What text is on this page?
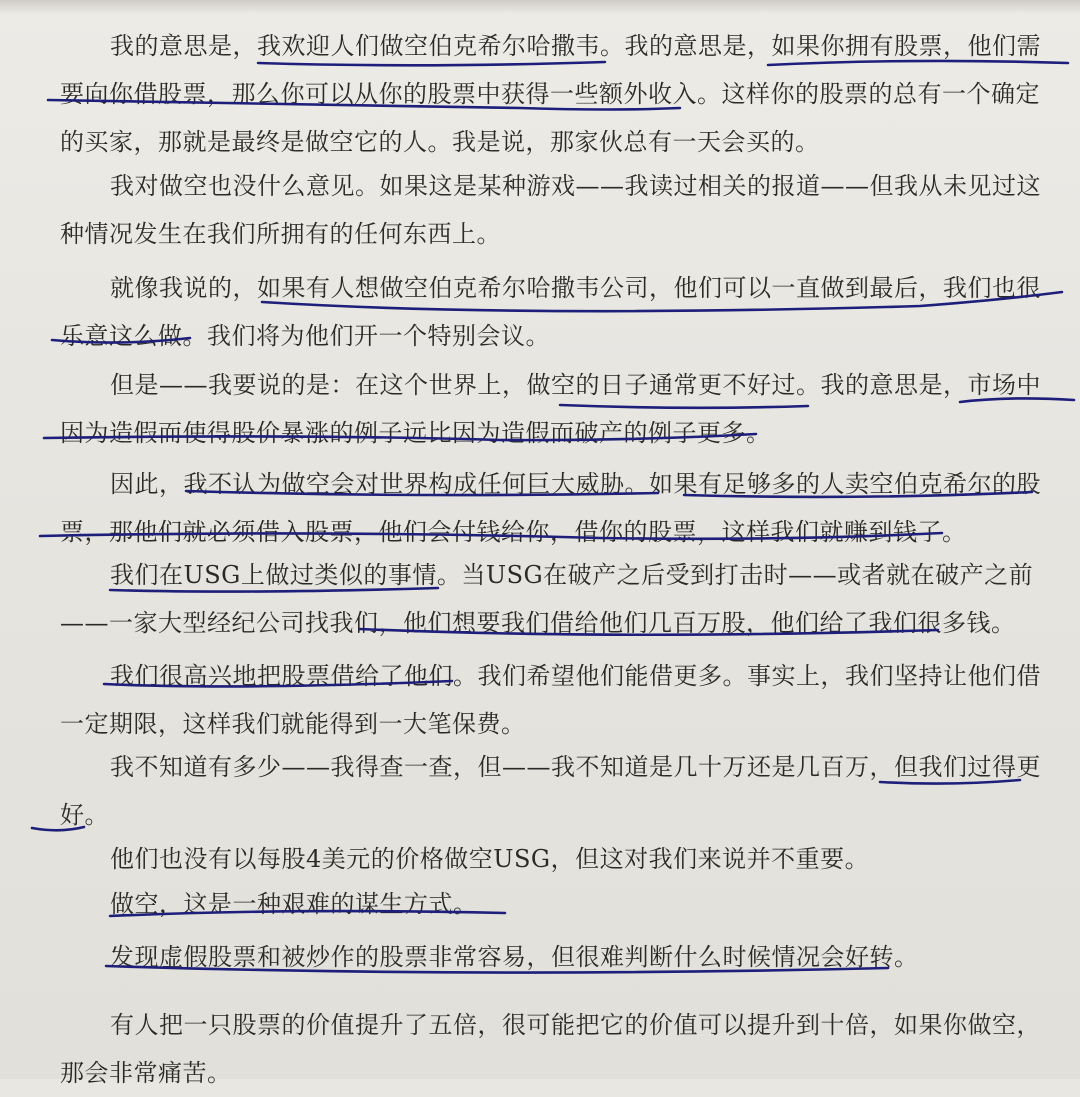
我的意思是，我欢迎人们做空伯克希尔哈撒韦。我的意思是，如果你拥有股票，他们需要向你借股票，那么你可以从你的股票中获得一些额外收入。这样你的股票的总有一个确定的买家，那就是最终是做空它的人。我是说，那家伙总有一天会买的。

我对做空也没什么意见。如果这是某种游戏——我读过相关的报道——但我从未见过这种情况发生在我们所拥有的任何东西上。

就像我说的，如果有人想做空伯克希尔哈撒韦公司，他们可以一直做到最后，我们也很乐意这么做。我们将为他们开一个特别会议。

但是——我要说的是：在这个世界上，做空的日子通常更不好过。我的意思是，市场中因为造假而使得股价暴涨的例子远比因为造假而破产的例子更多。

因此，我不认为做空会对世界构成任何巨大威胁。如果有足够多的人卖空伯克希尔的股票，那他们就必须借入股票，他们会付钱给你，借你的股票，这样我们就赚到钱了。

我们在USG上做过类似的事情。当USG在破产之后受到打击时——或者就在破产之前——一家大型经纪公司找我们，他们想要我们借给他们几百万股，他们给了我们很多钱。

我们很高兴地把股票借给了他们。我们希望他们能借更多。事实上，我们坚持让他们借一定期限，这样我们就能得到一大笔保费。

我不知道有多少——我得查一查，但——我不知道是几十万还是几百万，但我们过得更好。

他们也没有以每股4美元的价格做空USG，但这对我们来说并不重要。

做空，这是一种艰难的谋生方式。

发现虚假股票和被炒作的股票非常容易，但很难判断什么时候情况会好转。

有人把一只股票的价值提升了五倍，很可能把它的价值可以提升到十倍，如果你做空，那会非常痛苦。
